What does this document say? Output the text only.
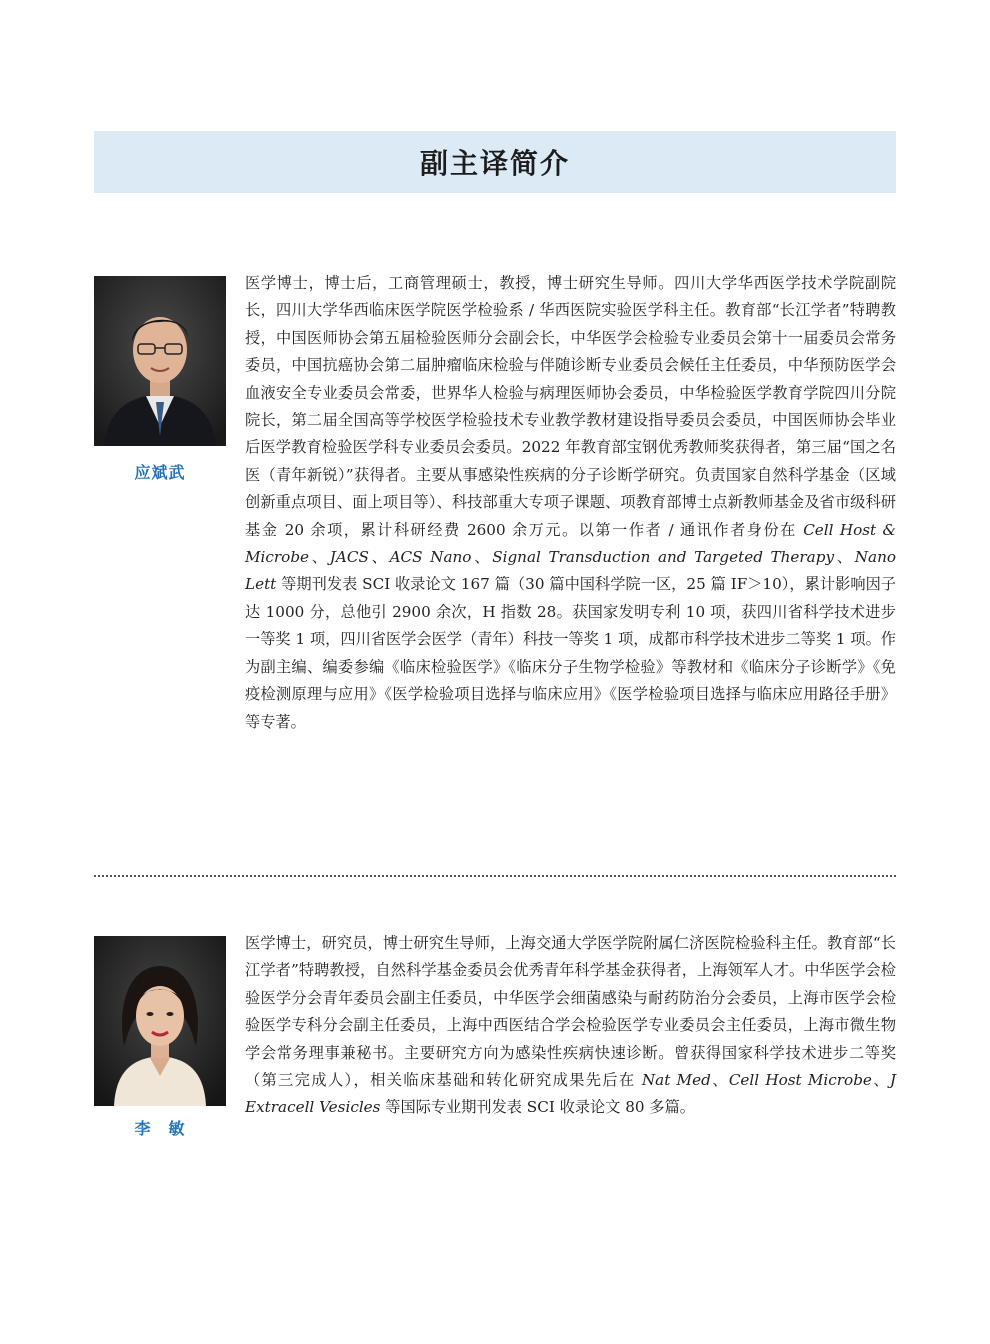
副主译简介
应斌武

医学博士，博士后，工商管理硕士，教授，博士研究生导师。四川大学华西医学技术学院副院长，四川大学华西临床医学院医学检验系 / 华西医院实验医学科主任。教育部“长江学者”特聘教授，中国医师协会第五届检验医师分会副会长，中华医学会检验专业委员会第十一届委员会常务委员，中国抗癌协会第二届肿瘤临床检验与伴随诊断专业委员会候任主任委员，中华预防医学会血液安全专业委员会常委，世界华人检验与病理医师协会委员，中华检验医学教育学院四川分院院长，第二届全国高等学校医学检验技术专业教学教材建设指导委员会委员，中国医师协会毕业后医学教育检验医学科专业委员会委员。2022 年教育部宝钢优秀教师奖获得者，第三届“国之名医（青年新锐）”获得者。主要从事感染性疾病的分子诊断学研究。负责国家自然科学基金（区域创新重点项目、面上项目等）、科技部重大专项子课题、项教育部博士点新教师基金及省市级科研基金 20 余项，累计科研经费 2600 余万元。以第一作者 / 通讯作者身份在 Cell Host & Microbe、JACS、ACS Nano、Signal Transduction and Targeted Therapy、Nano Lett 等期刊发表 SCI 收录论文 167 篇（30 篇中国科学院一区，25 篇 IF＞10），累计影响因子达 1000 分，总他引 2900 余次，H 指数 28。获国家发明专利 10 项，获四川省科学技术进步一等奖 1 项，四川省医学会医学（青年）科技一等奖 1 项，成都市科学技术进步二等奖 1 项。作为副主编、编委参编《临床检验医学》《临床分子生物学检验》等教材和《临床分子诊断学》《免疫检测原理与应用》《医学检验项目选择与临床应用》《医学检验项目选择与临床应用路径手册》等专著。

李　敏

医学博士，研究员，博士研究生导师，上海交通大学医学院附属仁济医院检验科主任。教育部“长江学者”特聘教授，自然科学基金委员会优秀青年科学基金获得者，上海领军人才。中华医学会检验医学分会青年委员会副主任委员，中华医学会细菌感染与耐药防治分会委员，上海市医学会检验医学专科分会副主任委员，上海中西医结合学会检验医学专业委员会主任委员，上海市微生物学会常务理事兼秘书。主要研究方向为感染性疾病快速诊断。曾获得国家科学技术进步二等奖（第三完成人），相关临床基础和转化研究成果先后在 Nat Med、Cell Host Microbe、J Extracell Vesicles 等国际专业期刊发表 SCI 收录论文 80 多篇。
